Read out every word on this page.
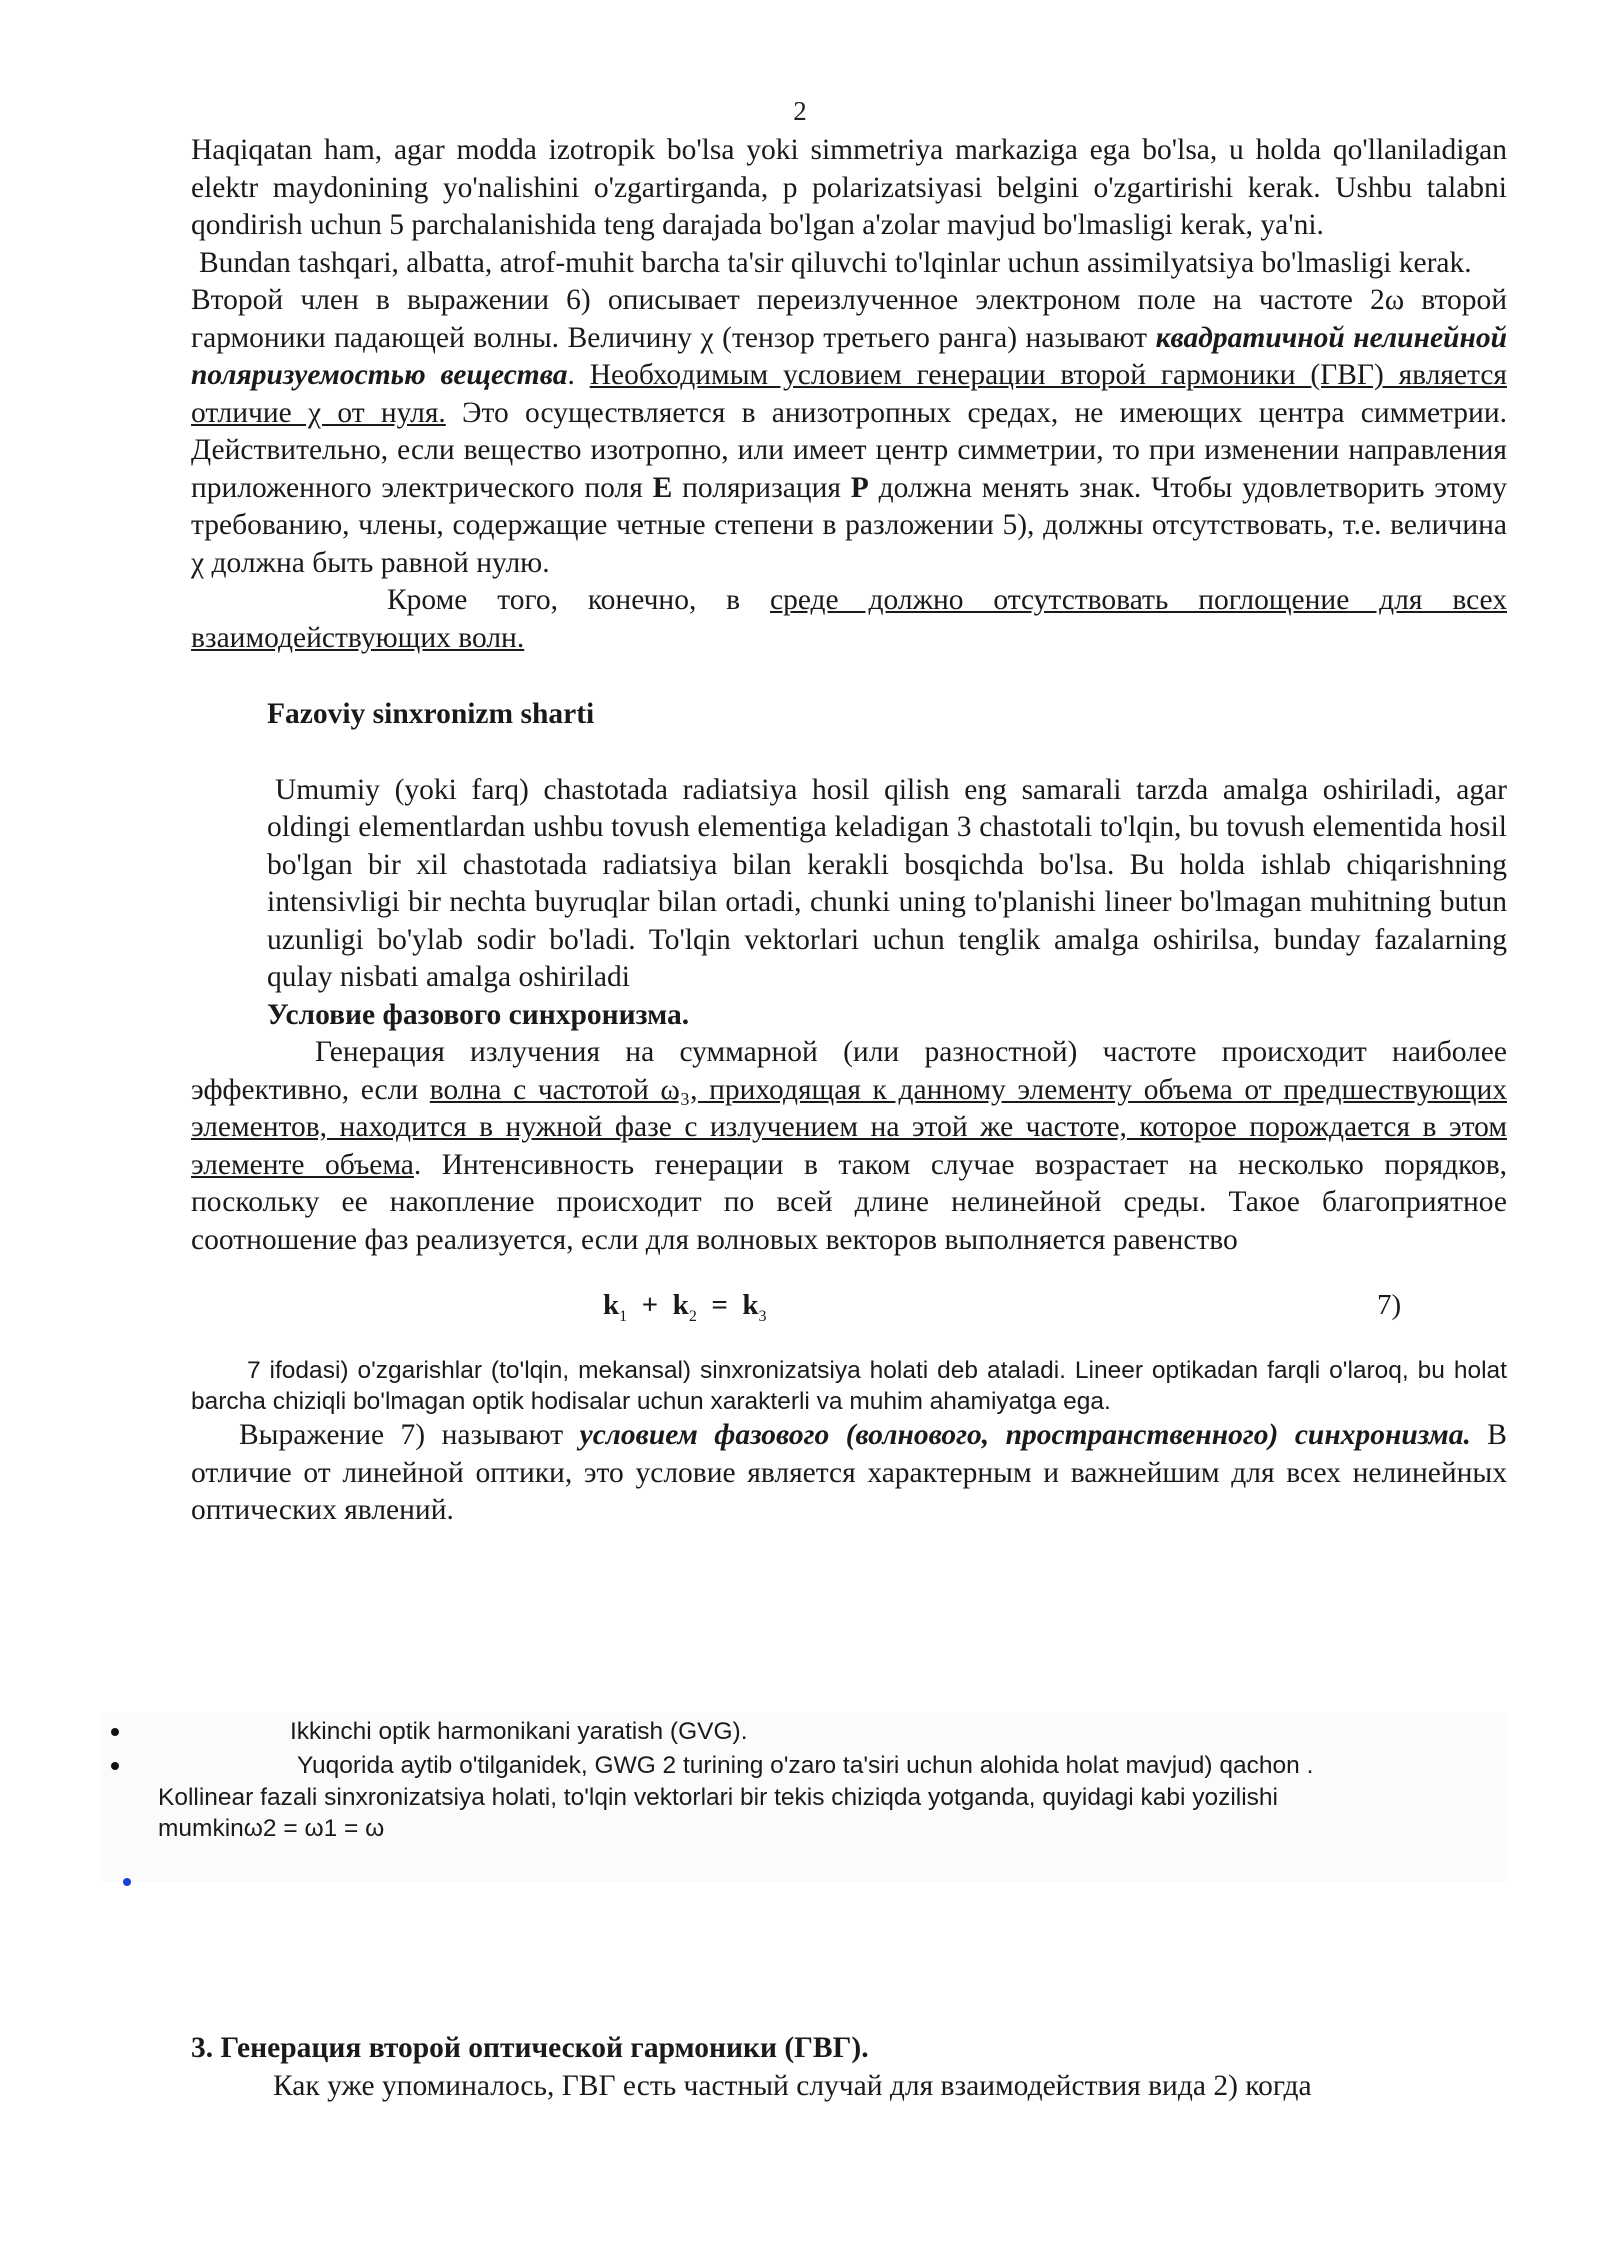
2

Haqiqatan ham, agar modda izotropik bo'lsa yoki simmetriya markaziga ega bo'lsa, u holda qo'llaniladigan elektr maydonining yo'nalishini o'zgartirganda, p polarizatsiyasi belgini o'zgartirishi kerak. Ushbu talabni qondirish uchun 5 parchalanishida teng darajada bo'lgan a'zolar mavjud bo'lmasligi kerak, ya'ni.

Bundan tashqari, albatta, atrof-muhit barcha ta'sir qiluvchi to'lqinlar uchun assimilyatsiya bo'lmasligi kerak.

Второй член в выражении 6) описывает переизлученное электроном поле на частоте 2ω второй гармоники падающей волны. Величину χ (тензор третьего ранга) называют квадратичной нелинейной поляризуемостью вещества. Необходимым условием генерации второй гармоники (ГВГ) является отличие χ от нуля. Это осуществляется в анизотропных средах, не имеющих центра симметрии. Действительно, если вещество изотропно, или имеет центр симметрии, то при изменении направления приложенного электрического поля E поляризация P должна менять знак. Чтобы удовлетворить этому требованию, члены, содержащие четные степени в разложении 5), должны отсутствовать, т.е. величина χ должна быть равной нулю.

Кроме того, конечно, в среде должно отсутствовать поглощение для всех взаимодействующих волн.

Fazoviy sinxronizm sharti

Umumiy (yoki farq) chastotada radiatsiya hosil qilish eng samarali tarzda amalga oshiriladi, agar oldingi elementlardan ushbu tovush elementiga keladigan 3 chastotali to'lqin, bu tovush elementida hosil bo'lgan bir xil chastotada radiatsiya bilan kerakli bosqichda bo'lsa. Bu holda ishlab chiqarishning intensivligi bir nechta buyruqlar bilan ortadi, chunki uning to'planishi lineer bo'lmagan muhitning butun uzunligi bo'ylab sodir bo'ladi. To'lqin vektorlari uchun tenglik amalga oshirilsa, bunday fazalarning qulay nisbati amalga oshiriladi

Условие фазового синхронизма.

Генерация излучения на суммарной (или разностной) частоте происходит наиболее эффективно, если волна с частотой ω₃, приходящая к данному элементу объема от предшествующих элементов, находится в нужной фазе с излучением на этой же частоте, которое порождается в этом элементе объема. Интенсивность генерации в таком случае возрастает на несколько порядков, поскольку ее накопление происходит по всей длине нелинейной среды. Такое благоприятное соотношение фаз реализуется, если для волновых векторов выполняется равенство

$k_1 + k_2 = k_3$	7)

7 ifodasi) o'zgarishlar (to'lqin, mekansal) sinxronizatsiya holati deb ataladi. Lineer optikadan farqli o'laroq, bu holat barcha chiziqli bo'lmagan optik hodisalar uchun xarakterli va muhim ahamiyatga ega.

Выражение 7) называют условием фазового (волнового, пространственного) синхронизма. В отличие от линейной оптики, это условие является характерным и важнейшим для всех нелинейных оптических явлений.

Ikkinchi optik harmonikani yaratish (GVG).
Yuqorida aytib o'tilganidek, GWG 2 turining o'zaro ta'siri uchun alohida holat mavjud) qachon .
Kollinear fazali sinxronizatsiya holati, to'lqin vektorlari bir tekis chiziqda yotganda, quyidagi kabi yozilishi
mumkinω2 = ω1 = ω
3. Генерация второй оптической гармоники (ГВГ).

Как уже упоминалось, ГВГ есть частный случай для взаимодействия вида 2) когда
